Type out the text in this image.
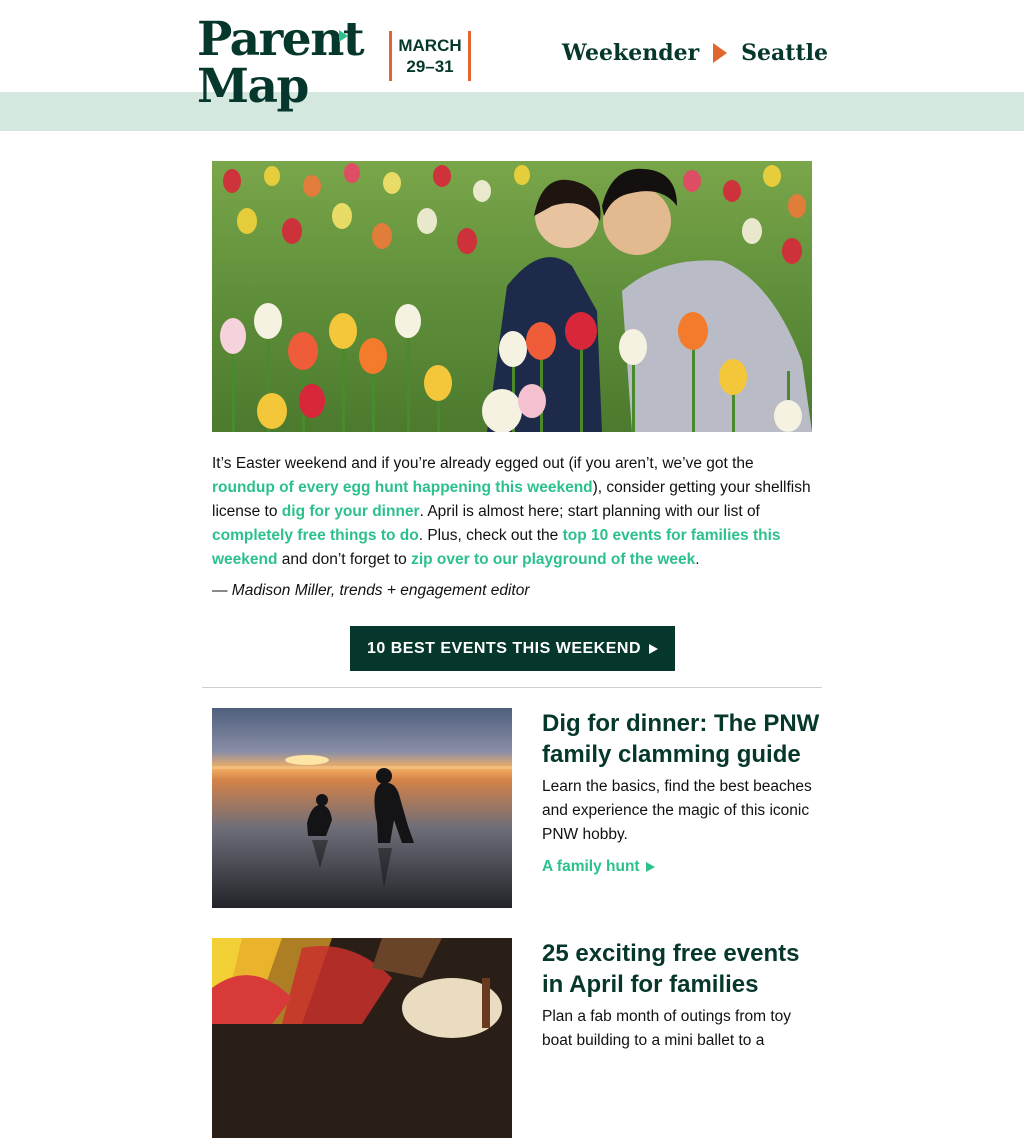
Parent
Map
MARCH
29–31
Weekender Seattle
It’s Easter weekend and if you’re already egged out (if you aren’t, we’ve got the roundup of every egg hunt happening this weekend), consider getting your shellfish license to dig for your dinner. April is almost here; start planning with our list of completely free things to do. Plus, check out the top 10 events for families this weekend and don’t forget to zip over to our playground of the week.
— Madison Miller, trends + engagement editor
10 BEST EVENTS THIS WEEKEND
Dig for dinner: The PNW family clamming guide

Learn the basics, find the best beaches and experience the magic of this iconic PNW hobby.

A family hunt
25 exciting free events in April for families

Plan a fab month of outings from toy boat building to a mini ballet to a
